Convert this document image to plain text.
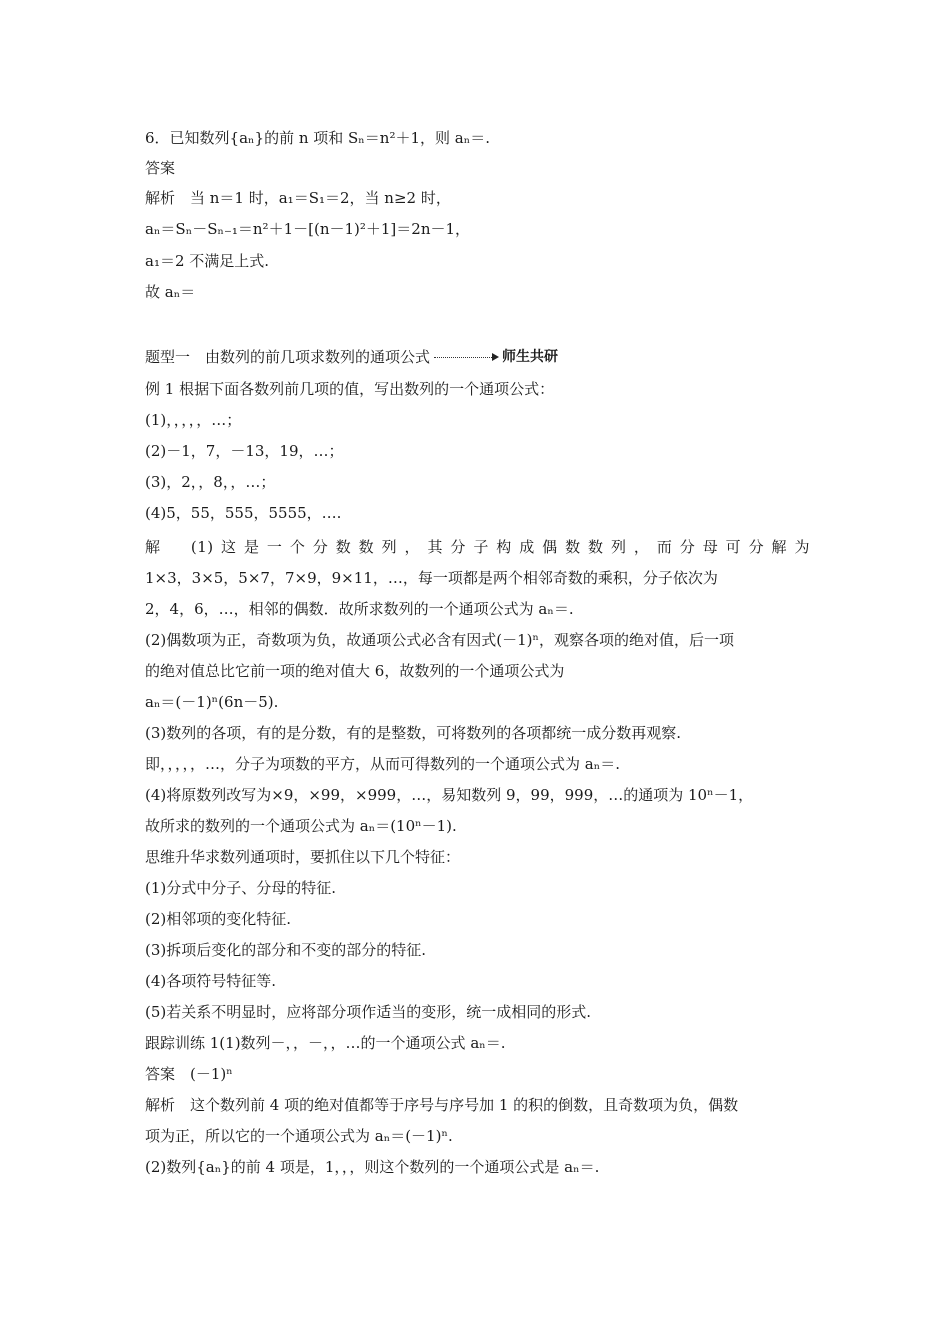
6．已知数列{aₙ}的前 n 项和 Sₙ＝n²＋1，则 aₙ＝.
答案
解析　当 n＝1 时，a₁＝S₁＝2，当 n≥2 时，
aₙ＝Sₙ－Sₙ₋₁＝n²＋1－[(n－1)²＋1]＝2n－1，
a₁＝2 不满足上式.
故 aₙ＝
题型一　由数列的前几项求数列的通项公式	师生共研
例 1 根据下面各数列前几项的值，写出数列的一个通项公式：
(1)，，，，，…；
(2)－1，7，－13，19，…；
(3)，2，，8，，…；
(4)5，55，555，5555，….
解　(1)这是一个分数数列，其分子构成偶数数列，而分母可分解为
1×3，3×5，5×7，7×9，9×11，…，每一项都是两个相邻奇数的乘积，分子依次为
2，4，6，…，相邻的偶数．故所求数列的一个通项公式为 aₙ＝.
(2)偶数项为正，奇数项为负，故通项公式必含有因式(－1)ⁿ，观察各项的绝对值，后一项
的绝对值总比它前一项的绝对值大 6，故数列的一个通项公式为
aₙ＝(－1)ⁿ(6n－5).
(3)数列的各项，有的是分数，有的是整数，可将数列的各项都统一成分数再观察.
即，，，，，…，分子为项数的平方，从而可得数列的一个通项公式为 aₙ＝.
(4)将原数列改写为×9，×99，×999，…，易知数列 9，99，999，…的通项为 10ⁿ－1，
故所求的数列的一个通项公式为 aₙ＝(10ⁿ－1).
思维升华求数列通项时，要抓住以下几个特征：
(1)分式中分子、分母的特征.
(2)相邻项的变化特征.
(3)拆项后变化的部分和不变的部分的特征.
(4)各项符号特征等.
(5)若关系不明显时，应将部分项作适当的变形，统一成相同的形式.
跟踪训练 1(1)数列－，，－，，…的一个通项公式 aₙ＝.
答案　(－1)ⁿ
解析　这个数列前 4 项的绝对值都等于序号与序号加 1 的积的倒数，且奇数项为负，偶数
项为正，所以它的一个通项公式为 aₙ＝(－1)ⁿ.
(2)数列{aₙ}的前 4 项是，1，，，则这个数列的一个通项公式是 aₙ＝.
